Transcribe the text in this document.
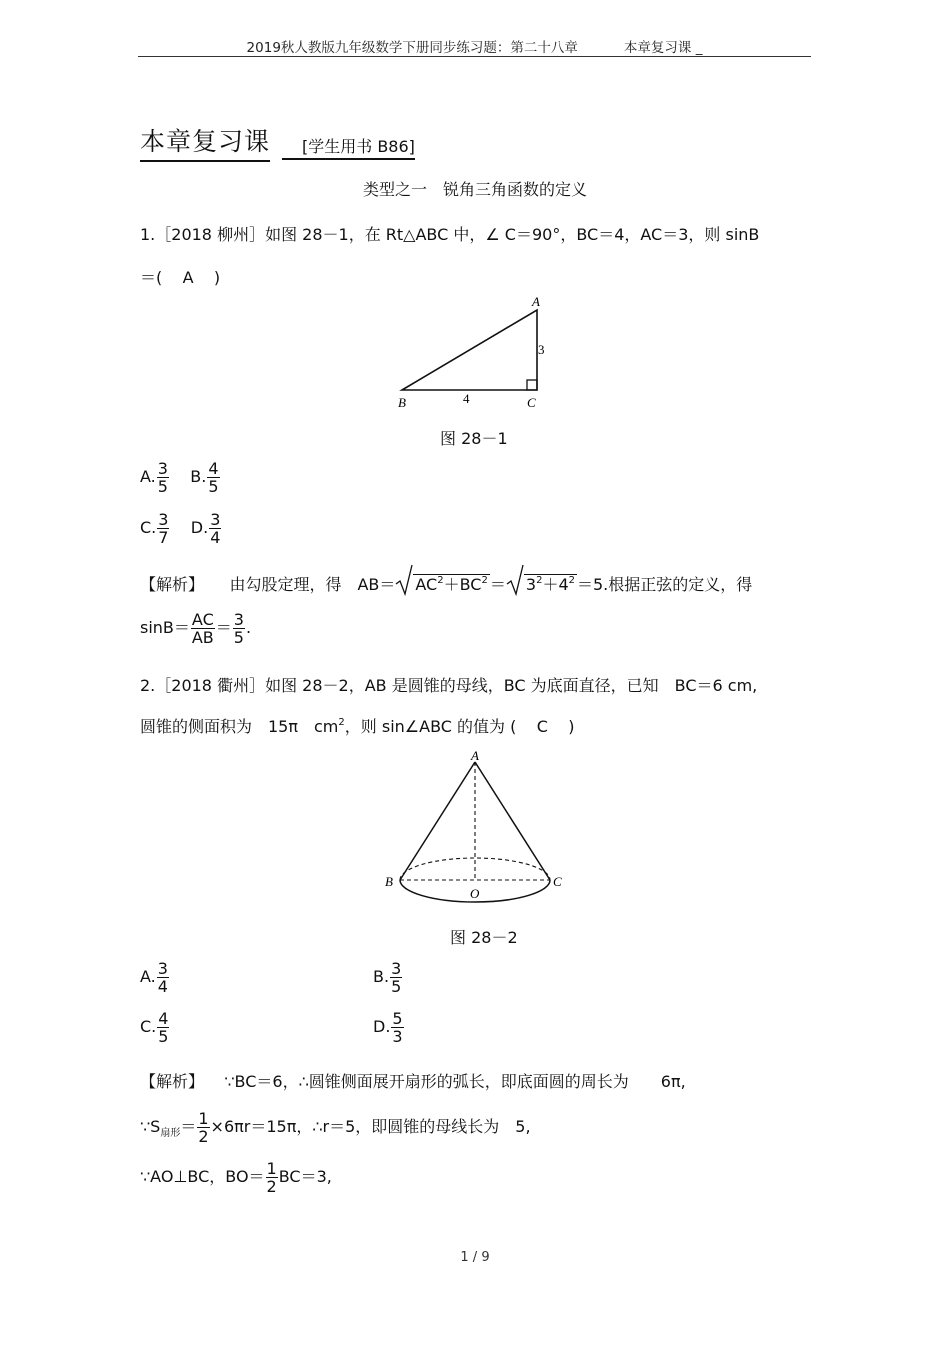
2019秋人教版九年级数学下册同步练习题：第二十八章	本章复习课 _
本章复习课	[学生用书 B86]
类型之一　锐角三角函数的定义
1.［2018 柳州］如图 28－1，在 Rt△ABC 中，∠ C＝90°，BC＝4，AC＝3，则 sinB
＝( A )
A
B	C
4
3
图 28－1
A. $\frac{3}{5} B$. $\frac{4}{5}$
C. $\frac{3}{7} D$. $\frac{3}{4}$
【解析】 由勾股定理，得　$AB= AC^2+BC^2 = 3^2+4^2 =5$.根据正弦的定义，得
$\sin B= \frac{AC}{AB} = \frac{3}{5}$ .
2.［2018 衢州］如图 28－2，AB 是圆锥的母线，BC 为底面直径，已知　BC＝6 cm,
圆锥的侧面积为　15π　$cm^2$，则 sin∠ABC 的值为 ( C )
A
B	C
O
图 28－2
A. $\frac{3}{4}$	B. $\frac{3}{5}$
C. $\frac{4}{5}$	D. $\frac{5}{3}$
【解析】 ∵BC＝6，∴圆锥侧面展开扇形的弧长，即底面圆的周长为　　6π,
$\because S_{扇形}= \frac{1}{2} \times 6\pi r=15\pi$，∴r＝5，即圆锥的母线长为　5,
∵AO⊥BC，$BO= \frac{1}{2} BC=3$,
1 / 9
